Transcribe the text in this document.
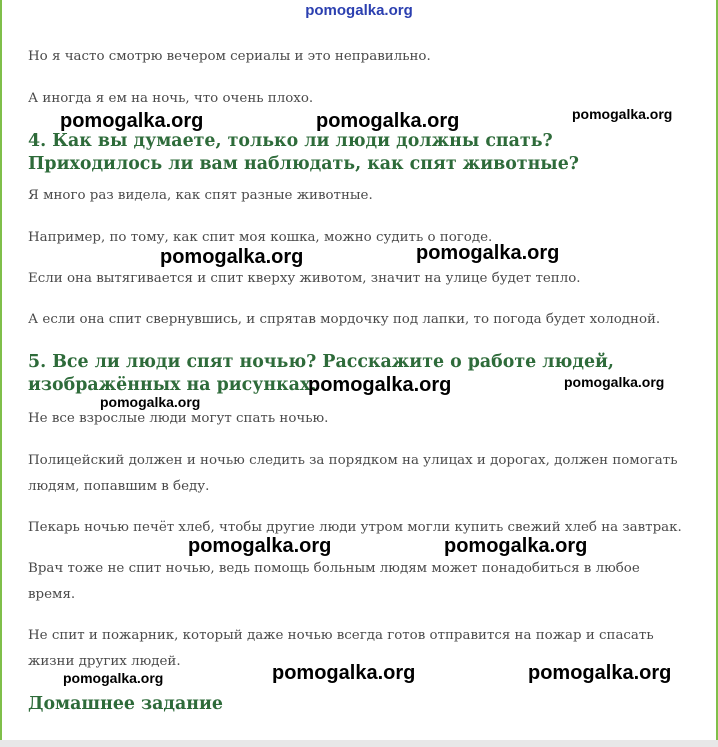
pomogalka.org

Но я часто смотрю вечером сериалы и это неправильно.

А иногда я ем на ночь, что очень плохо.

4. Как вы думаете, только ли люди должны спать? Приходилось ли вам наблюдать, как спят животные?

Я много раз видела, как спят разные животные.

Например, по тому, как спит моя кошка, можно судить о погоде.

Если она вытягивается и спит кверху животом, значит на улице будет тепло.

А если она спит свернувшись, и спрятав мордочку под лапки, то погода будет холодной.

5. Все ли люди спят ночью? Расскажите о работе людей, изображённых на рисунках.

Не все взрослые люди могут спать ночью.

Полицейский должен и ночью следить за порядком на улицах и дорогах, должен помогать людям, попавшим в беду.

Пекарь ночью печёт хлеб, чтобы другие люди утром могли купить свежий хлеб на завтрак.

Врач тоже не спит ночью, ведь помощь больным людям может понадобиться в любое время.

Не спит и пожарник, который даже ночью всегда готов отправится на пожар и спасать жизни других людей.

Домашнее задание
pomogalka.org	pomogalka.org	pomogalka.org
pomogalka.org	pomogalka.org
pomogalka.org	pomogalka.org
pomogalka.org
pomogalka.org	pomogalka.org
pomogalka.org	pomogalka.org	pomogalka.org
